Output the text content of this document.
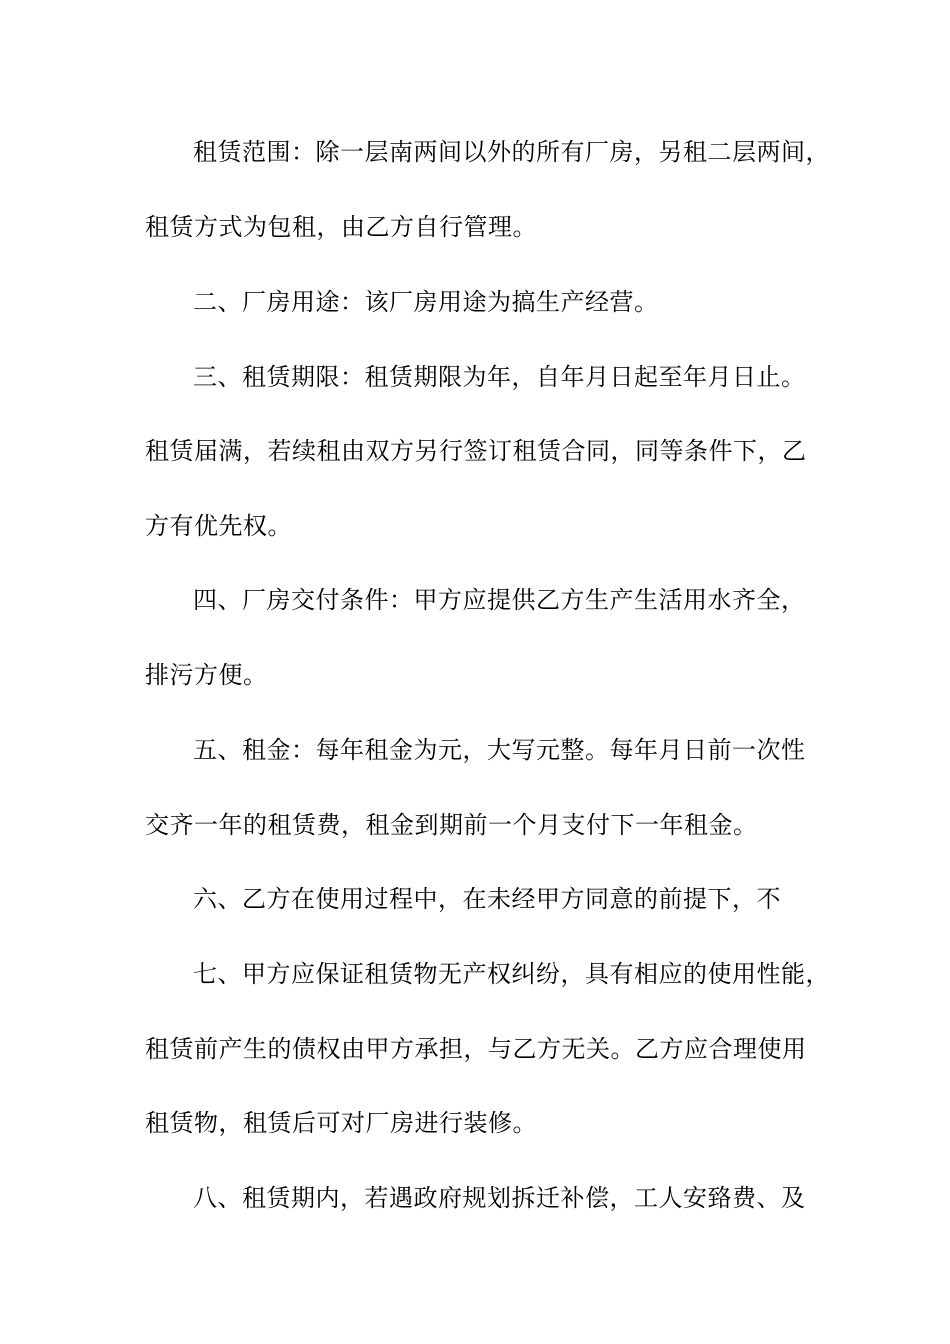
租赁范围：除一层南两间以外的所有厂房，另租二层两间，
租赁方式为包租，由乙方自行管理。
二、厂房用途：该厂房用途为搞生产经营。
三、租赁期限：租赁期限为年，自年月日起至年月日止。
租赁届满，若续租由双方另行签订租赁合同，同等条件下，乙
方有优先权。
四、厂房交付条件：甲方应提供乙方生产生活用水齐全，
排污方便。
五、租金：每年租金为元，大写元整。每年月日前一次性
交齐一年的租赁费，租金到期前一个月支付下一年租金。
六、乙方在使用过程中，在未经甲方同意的前提下，不
七、甲方应保证租赁物无产权纠纷，具有相应的使用性能，
租赁前产生的债权由甲方承担，与乙方无关。乙方应合理使用
租赁物，租赁后可对厂房进行装修。
八、租赁期内，若遇政府规划拆迁补偿，工人安臵费、及
